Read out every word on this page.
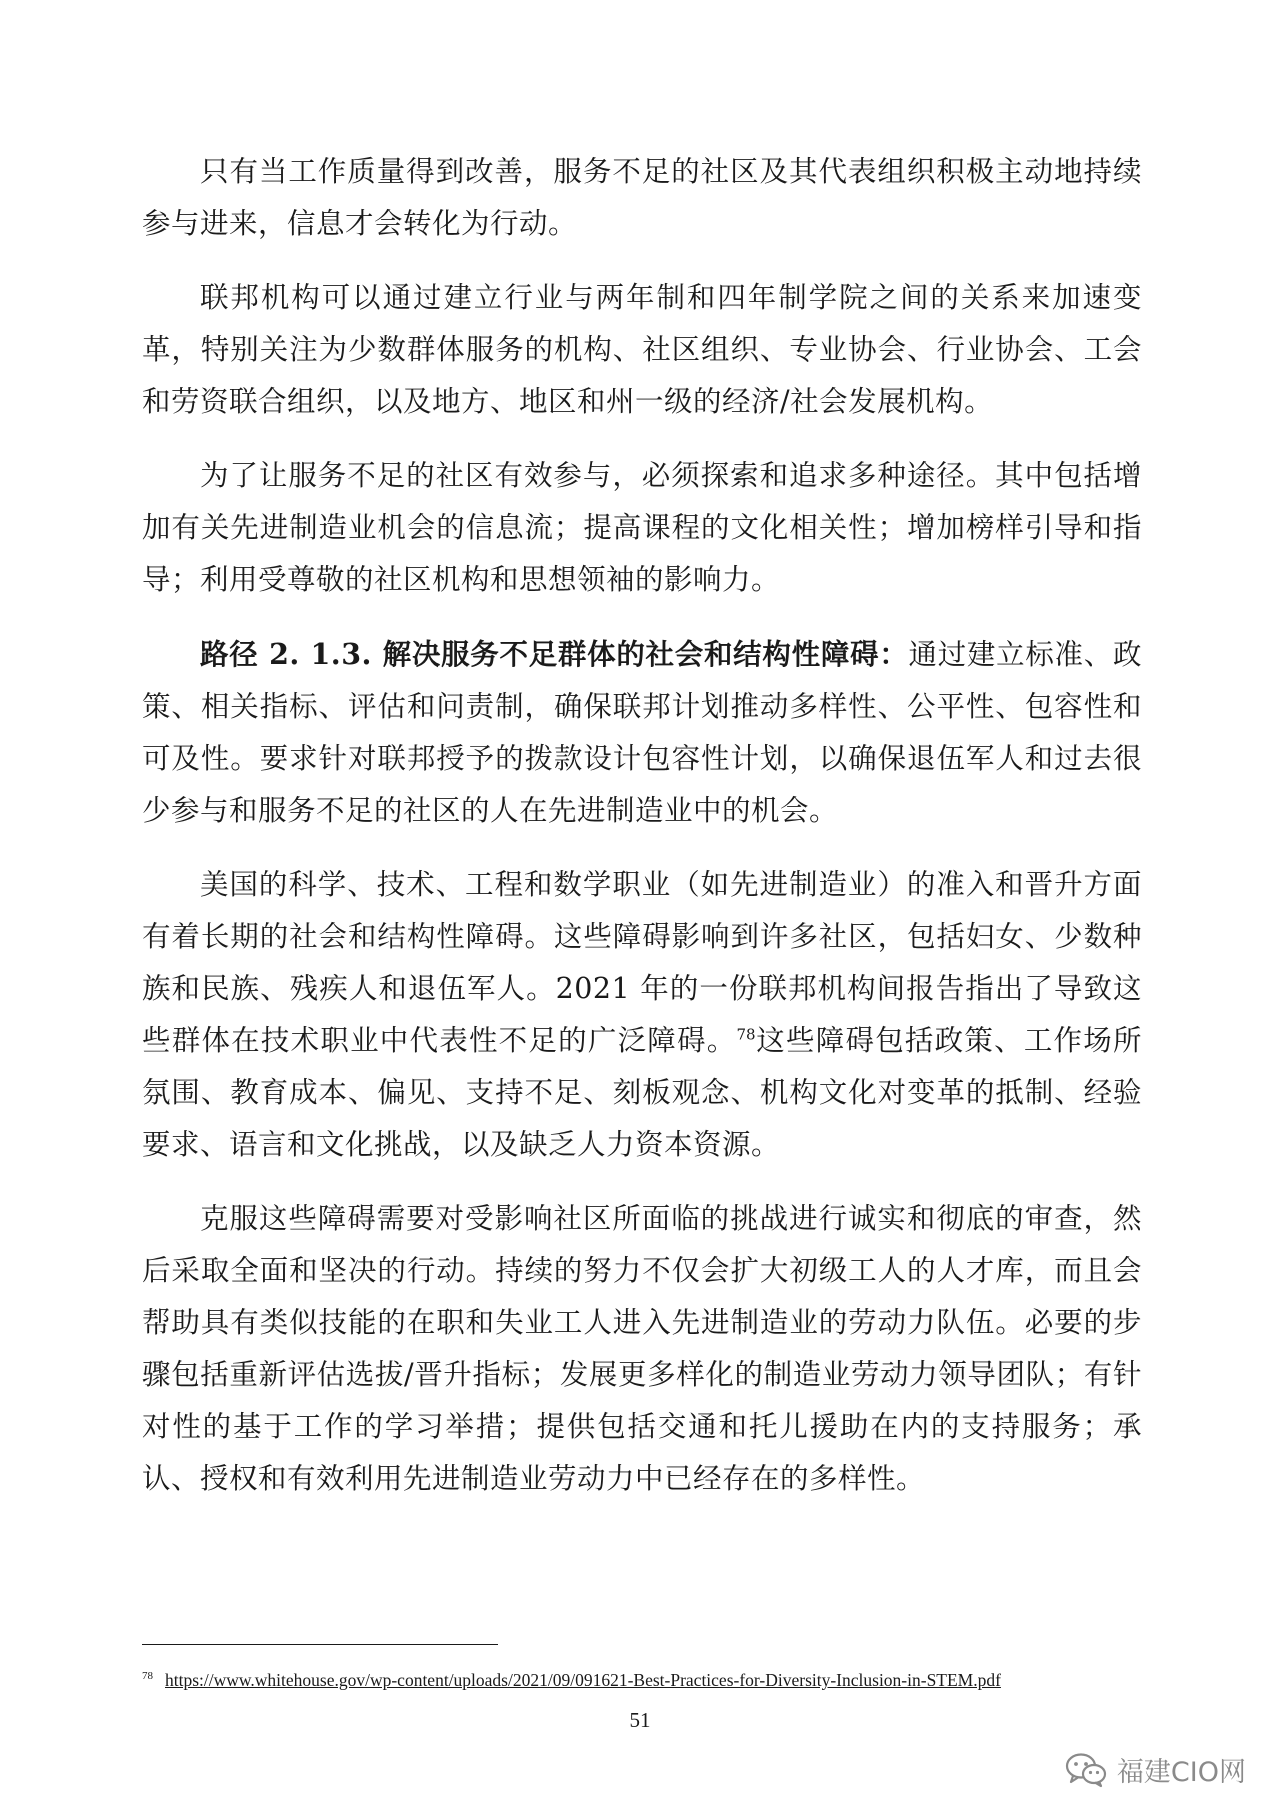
只有当工作质量得到改善，服务不足的社区及其代表组织积极主动地持续参与进来，信息才会转化为行动。

联邦机构可以通过建立行业与两年制和四年制学院之间的关系来加速变革，特别关注为少数群体服务的机构、社区组织、专业协会、行业协会、工会和劳资联合组织，以及地方、地区和州一级的经济/社会发展机构。

为了让服务不足的社区有效参与，必须探索和追求多种途径。其中包括增加有关先进制造业机会的信息流；提高课程的文化相关性；增加榜样引导和指导；利用受尊敬的社区机构和思想领袖的影响力。

路径 2. 1.3. 解决服务不足群体的社会和结构性障碍：通过建立标准、政策、相关指标、评估和问责制，确保联邦计划推动多样性、公平性、包容性和可及性。要求针对联邦授予的拨款设计包容性计划，以确保退伍军人和过去很少参与和服务不足的社区的人在先进制造业中的机会。

美国的科学、技术、工程和数学职业（如先进制造业）的准入和晋升方面有着长期的社会和结构性障碍。这些障碍影响到许多社区，包括妇女、少数种族和民族、残疾人和退伍军人。2021 年的一份联邦机构间报告指出了导致这些群体在技术职业中代表性不足的广泛障碍。$^{78}$这些障碍包括政策、工作场所氛围、教育成本、偏见、支持不足、刻板观念、机构文化对变革的抵制、经验要求、语言和文化挑战，以及缺乏人力资本资源。

克服这些障碍需要对受影响社区所面临的挑战进行诚实和彻底的审查，然后采取全面和坚决的行动。持续的努力不仅会扩大初级工人的人才库，而且会帮助具有类似技能的在职和失业工人进入先进制造业的劳动力队伍。必要的步骤包括重新评估选拔/晋升指标；发展更多样化的制造业劳动力领导团队；有针对性的基于工作的学习举措；提供包括交通和托儿援助在内的支持服务；承认、授权和有效利用先进制造业劳动力中已经存在的多样性。

$^{78}$ https://www.whitehouse.gov/wp-content/uploads/2021/09/091621-Best-Practices-for-Diversity-Inclusion-in-STEM.pdf
51
福建CIO网
